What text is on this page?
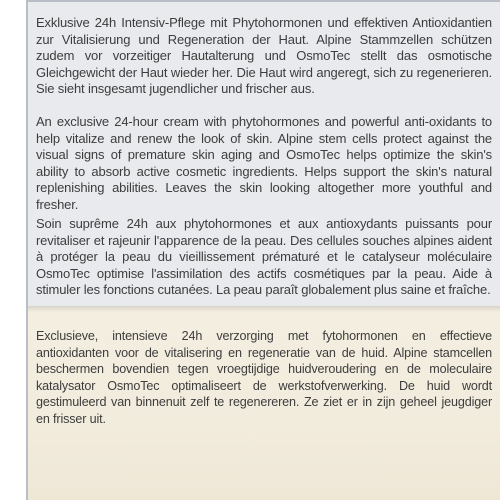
Exklusive 24h Intensiv-Pflege mit Phytohormonen und effektiven Antioxidantien zur Vitalisierung und Regeneration der Haut. Alpine Stammzellen schützen zudem vor vorzeitiger Hautalterung und OsmoTec stellt das osmotische Gleichgewicht der Haut wieder her. Die Haut wird angeregt, sich zu regenerieren. Sie sieht insgesamt jugendlicher und frischer aus.

An exclusive 24-hour cream with phytohormones and powerful anti-oxidants to help vitalize and renew the look of skin. Alpine stem cells protect against the visual signs of premature skin aging and OsmoTec helps optimize the skin's ability to absorb active cosmetic ingredients. Helps support the skin's natural replenishing abilities. Leaves the skin looking altogether more youthful and fresher.

Soin suprême 24h aux phytohormones et aux antioxydants puissants pour revitaliser et rajeunir l'apparence de la peau. Des cellules souches alpines aident à protéger la peau du vieillissement prématuré et le catalyseur moléculaire OsmoTec optimise l'assimilation des actifs cosmétiques par la peau. Aide à stimuler les fonctions cutanées. La peau paraît globalement plus saine et fraîche.

Exclusieve, intensieve 24h verzorging met fytohormonen en effectieve antioxidanten voor de vitalisering en regeneratie van de huid. Alpine stamcellen beschermen bovendien tegen vroegtijdige huidveroudering en de moleculaire katalysator OsmoTec optimaliseert de werkstofverwerking. De huid wordt gestimuleerd van binnenuit zelf te regenereren. Ze ziet er in zijn geheel jeugdiger en frisser uit.
